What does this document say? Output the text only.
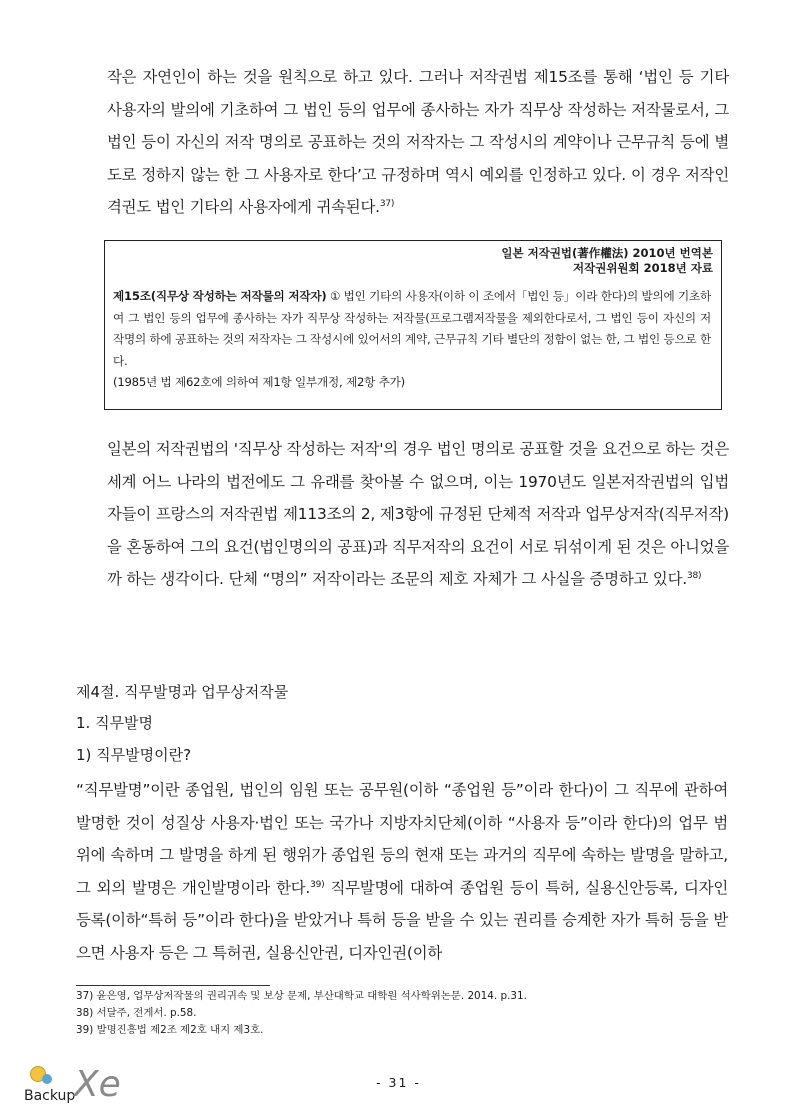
작은 자연인이 하는 것을 원칙으로 하고 있다. 그러나 저작권법 제15조를 통해 ‘법인 등 기타 사용자의 발의에 기초하여 그 법인 등의 업무에 종사하는 자가 직무상 작성하는 저작물로서, 그 법인 등이 자신의 저작 명의로 공표하는 것의 저작자는 그 작성시의 계약이나 근무규칙 등에 별도로 정하지 않는 한 그 사용자로 한다’고 규정하며 역시 예외를 인정하고 있다. 이 경우 저작인격권도 법인 기타의 사용자에게 귀속된다.$^{37)}$

일본 저작권법(著作權法) 2010년 번역본
저작권위원회 2018년 자료
제15조(직무상 작성하는 저작물의 저작자) ① 법인 기타의 사용자(이하 이 조에서「법인 등」이라 한다)의 발의에 기초하여 그 법인 등의 업무에 종사하는 자가 직무상 작성하는 저작물(프로그램저작물을 제외한다로서, 그 법인 등이 자신의 저작명의 하에 공표하는 것의 저작자는 그 작성시에 있어서의 계약, 근무규칙 기타 별단의 정함이 없는 한, 그 법인 등으로 한다.
(1985년 법 제62호에 의하여 제1항 일부개정, 제2항 추가)

일본의 저작권법의 '직무상 작성하는 저작'의 경우 법인 명의로 공표할 것을 요건으로 하는 것은 세계 어느 나라의 법전에도 그 유래를 찾아볼 수 없으며, 이는 1970년도 일본저작권법의 입법자들이 프랑스의 저작권법 제113조의 2, 제3항에 규정된 단체적 저작과 업무상저작(직무저작)을 혼동하여 그의 요건(법인명의의 공표)과 직무저작의 요건이 서로 뒤섞이게 된 것은 아니었을까 하는 생각이다. 단체 “명의” 저작이라는 조문의 제호 자체가 그 사실을 증명하고 있다.$^{38)}$

제4절. 직무발명과 업무상저작물
1. 직무발명
1) 직무발명이란?

“직무발명”이란 종업원, 법인의 임원 또는 공무원(이하 “종업원 등”이라 한다)이 그 직무에 관하여 발명한 것이 성질상 사용자·법인 또는 국가나 지방자치단체(이하 “사용자 등”이라 한다)의 업무 범위에 속하며 그 발명을 하게 된 행위가 종업원 등의 현재 또는 과거의 직무에 속하는 발명을 말하고, 그 외의 발명은 개인발명이라 한다.$^{39)}$ 직무발명에 대하여 종업원 등이 특허, 실용신안등록, 디자인등록(이하“특허 등”이라 한다)을 받았거나 특허 등을 받을 수 있는 권리를 승계한 자가 특허 등을 받으면 사용자 등은 그 특허권, 실용신안권, 디자인권(이하

37) 윤은영, 업무상저작물의 권리귀속 및 보상 문제, 부산대학교 대학원 석사학위논문. 2014. p.31.
38) 서달주, 전게서. p.58.
39) 발명진흥법 제2조 제2호 내지 제3호.
- 31 -
Backup
Xe
